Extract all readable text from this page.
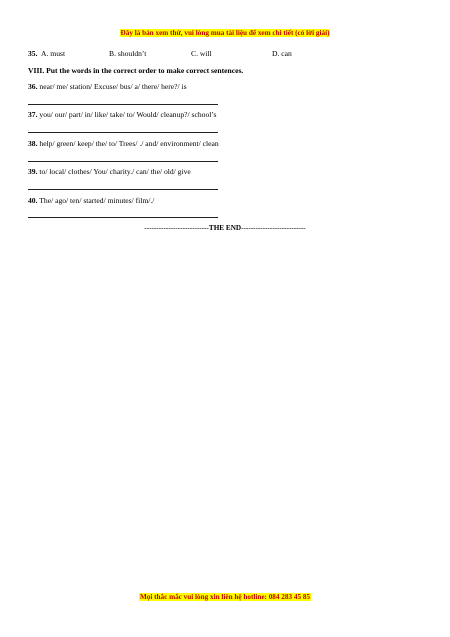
Đây là bản xem thử, vui lòng mua tài liệu để xem chi tiết (có lời giải)
35. A. must	B. shouldn’t	C. will	D. can
VIII. Put the words in the correct order to make correct sentences.
36. near/ me/ station/ Excuse/ bus/ a/ there/ here?/ is
37. you/ our/ part/ in/ like/ take/ to/ Would/ cleanup?/ school’s
38. help/ green/ keep/ the/ to/ Trees/ ./ and/ environment/ clean
39. to/ local/ clothes/ You/ charity./ can/ the/ old/ give
40. The/ ago/ ten/ started/ minutes/ film/./
---------------------------THE END---------------------------
Mọi thắc mắc vui lòng xin liên hệ hotline: 084 283 45 85
